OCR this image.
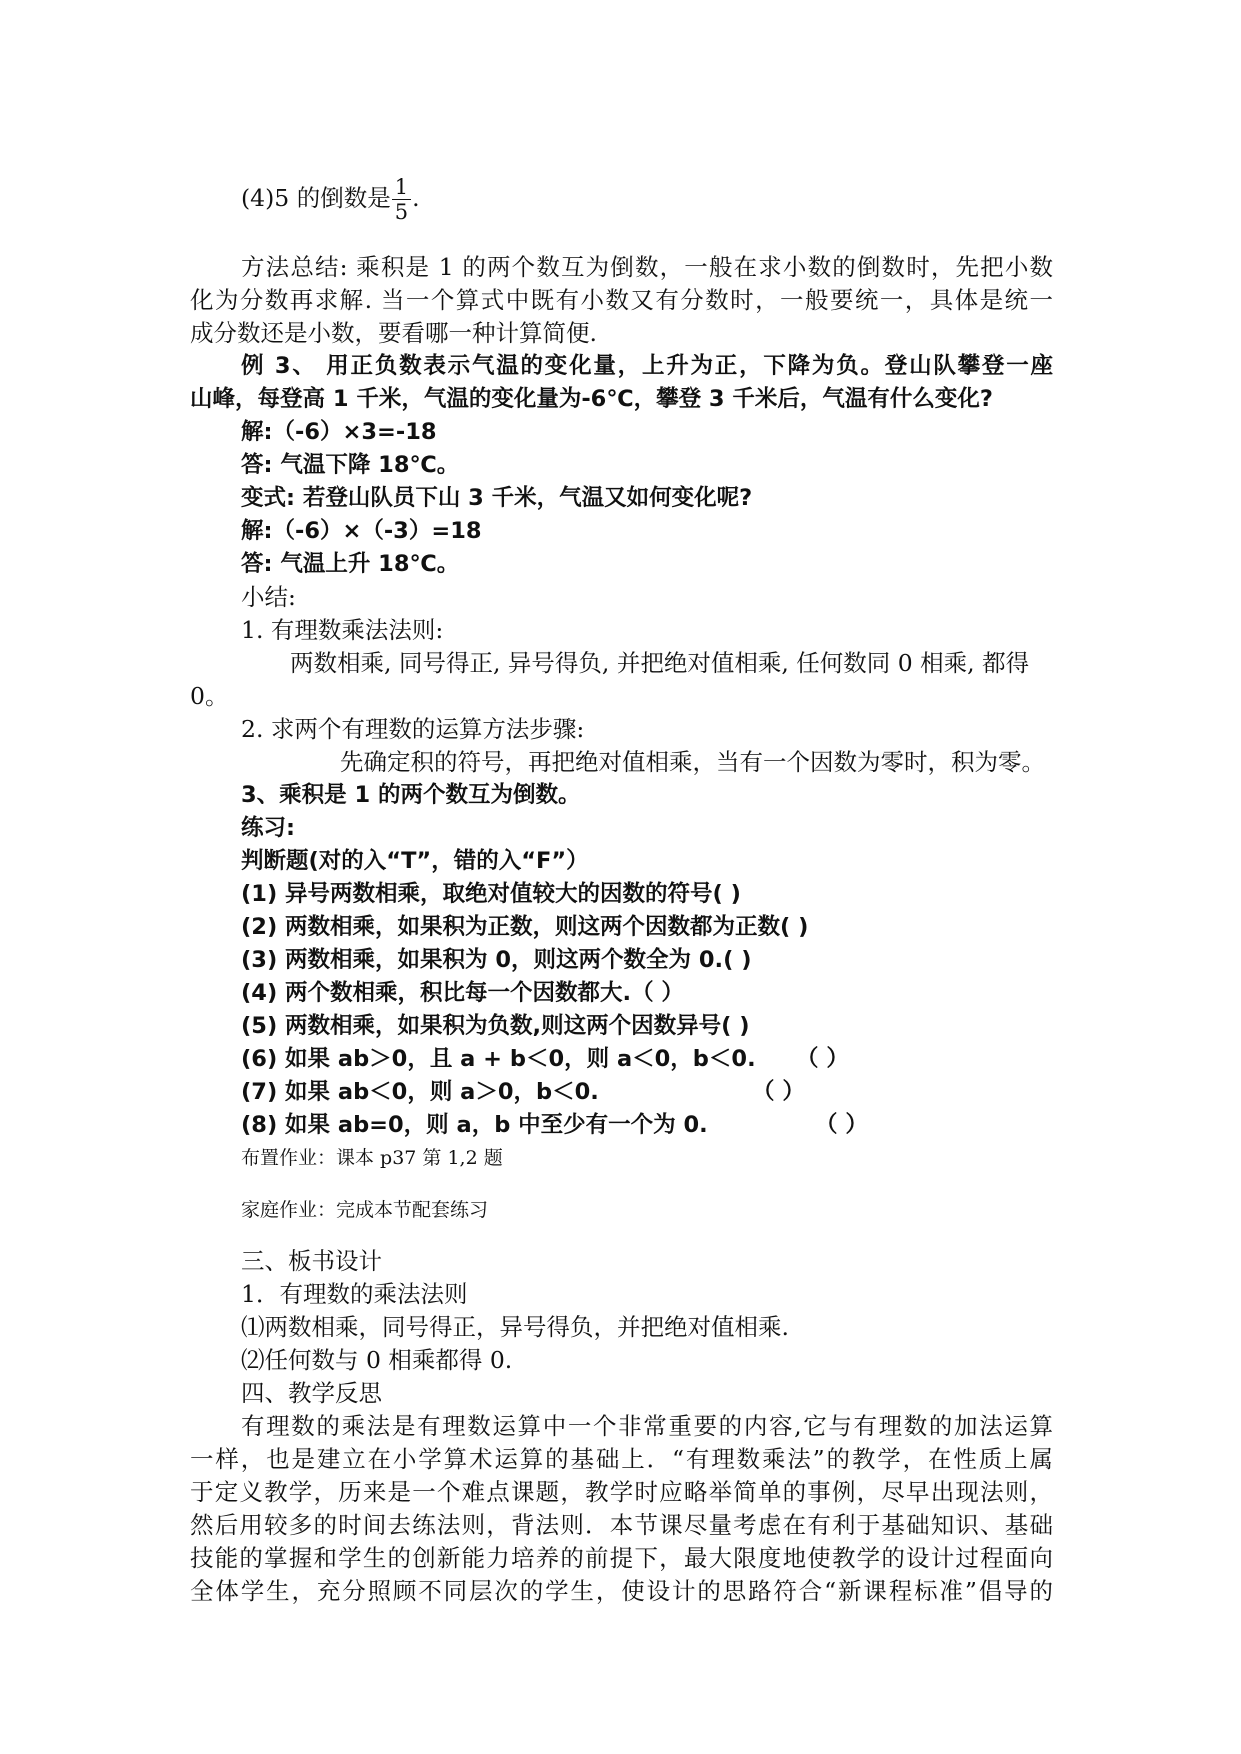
(4)5 的倒数是 $\frac{1}{5}$ .
方法总结: 乘积是 1 的两个数互为倒数，一般在求小数的倒数时，先把小数
化为分数再求解. 当一个算式中既有小数又有分数时，一般要统一，具体是统一
成分数还是小数，要看哪一种计算简便.
例 3、 用正负数表示气温的变化量，上升为正，下降为负。登山队攀登一座
山峰，每登高 1 千米，气温的变化量为-6℃，攀登 3 千米后，气温有什么变化?
解:（-6）×3=-18
答: 气温下降 18℃。
变式: 若登山队员下山 3 千米，气温又如何变化呢?
解:（-6）×（-3）=18
答: 气温上升 18℃。
小结:
1. 有理数乘法法则:
两数相乘, 同号得正, 异号得负, 并把绝对值相乘, 任何数同 0 相乘, 都得
0。
2. 求两个有理数的运算方法步骤:
先确定积的符号，再把绝对值相乘，当有一个因数为零时，积为零。
3、乘积是 1 的两个数互为倒数。
练习:
判断题(对的入“T”，错的入“F”）
(1) 异号两数相乘，取绝对值较大的因数的符号( )
(2) 两数相乘，如果积为正数，则这两个因数都为正数( )
(3) 两数相乘，如果积为 0，则这两个数全为 0.( )
(4) 两个数相乘，积比每一个因数都大.（ ）
(5) 两数相乘，如果积为负数,则这两个因数异号( )
(6) 如果 ab＞0，且 a + b＜0，则 a＜0，b＜0. （ ）
(7) 如果 ab＜0，则 a＞0，b＜0.	（ ）
(8) 如果 ab=0，则 a，b 中至少有一个为 0.	（ ）
布置作业：课本 p37 第 1,2 题
家庭作业：完成本节配套练习
三、板书设计
1．有理数的乘法法则
⑴两数相乘，同号得正，异号得负，并把绝对值相乘.
⑵任何数与 0 相乘都得 0.
四、教学反思
有理数的乘法是有理数运算中一个非常重要的内容,它与有理数的加法运算
一样，也是建立在小学算术运算的基础上．“有理数乘法”的教学，在性质上属
于定义教学，历来是一个难点课题，教学时应略举简单的事例，尽早出现法则，
然后用较多的时间去练法则，背法则．本节课尽量考虑在有利于基础知识、基础
技能的掌握和学生的创新能力培养的前提下，最大限度地使教学的设计过程面向
全体学生，充分照顾不同层次的学生，使设计的思路符合“新课程标准”倡导的
